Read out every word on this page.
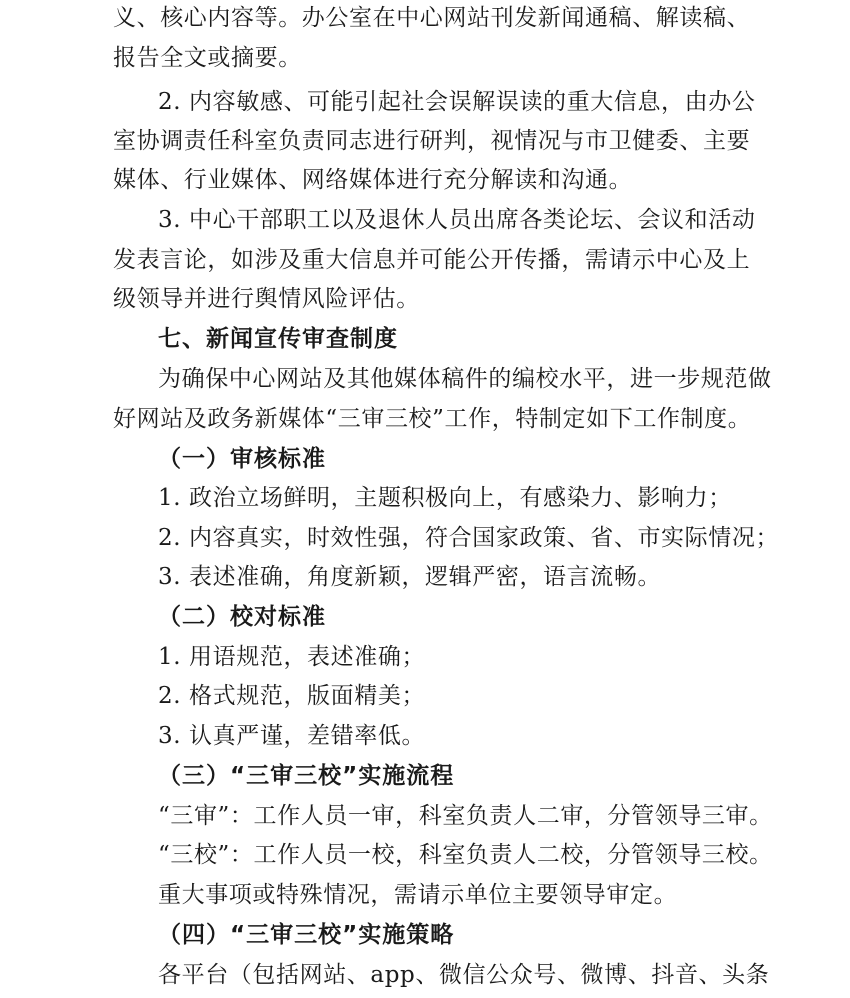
义、核心内容等。办公室在中心网站刊发新闻通稿、解读稿、
报告全文或摘要。
2. 内容敏感、可能引起社会误解误读的重大信息，由办公
室协调责任科室负责同志进行研判，视情况与市卫健委、主要
媒体、行业媒体、网络媒体进行充分解读和沟通。
3. 中心干部职工以及退休人员出席各类论坛、会议和活动
发表言论，如涉及重大信息并可能公开传播，需请示中心及上
级领导并进行舆情风险评估。
七、新闻宣传审查制度
为确保中心网站及其他媒体稿件的编校水平，进一步规范做
好网站及政务新媒体“三审三校”工作，特制定如下工作制度。
（一）审核标准
1. 政治立场鲜明，主题积极向上，有感染力、影响力；
2. 内容真实，时效性强，符合国家政策、省、市实际情况；
3. 表述准确，角度新颖，逻辑严密，语言流畅。
（二）校对标准
1. 用语规范，表述准确；
2. 格式规范，版面精美；
3. 认真严谨，差错率低。
（三）“三审三校”实施流程
“三审”：工作人员一审，科室负责人二审，分管领导三审。
“三校”：工作人员一校，科室负责人二校，分管领导三校。
重大事项或特殊情况，需请示单位主要领导审定。
（四）“三审三校”实施策略
各平台（包括网站、app、微信公众号、微博、抖音、头条
